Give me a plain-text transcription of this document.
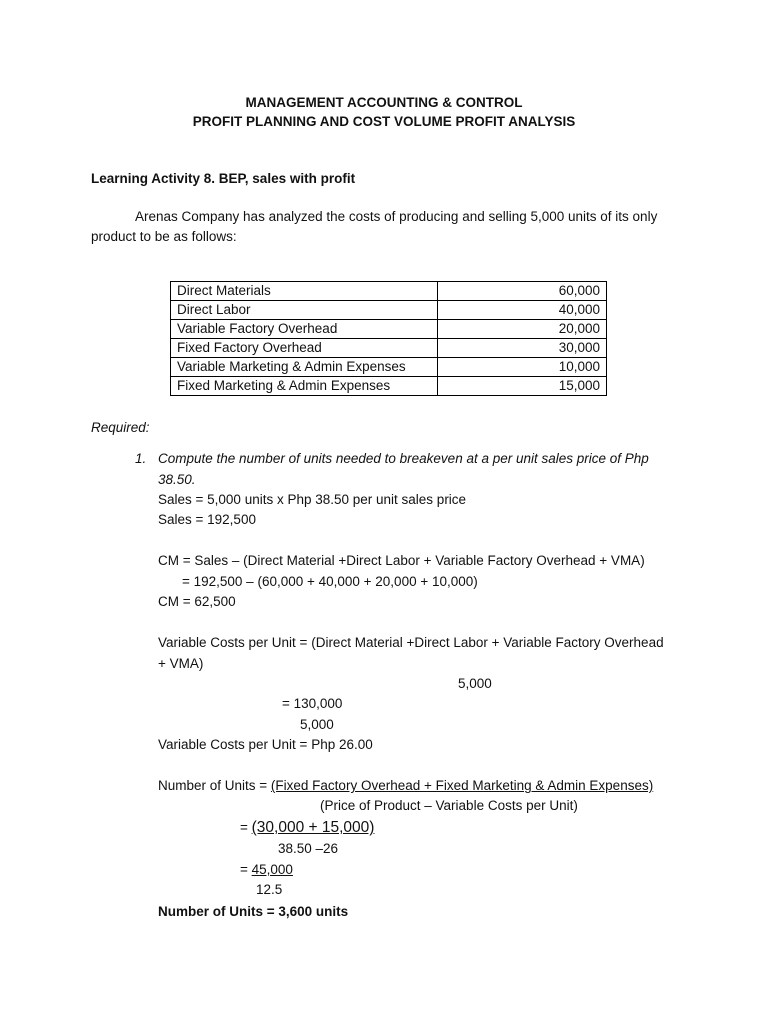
MANAGEMENT ACCOUNTING & CONTROL
PROFIT PLANNING AND COST VOLUME PROFIT ANALYSIS
Learning Activity 8. BEP, sales with profit
Arenas Company has analyzed the costs of producing and selling 5,000 units of its only
product to be as follows:
Direct Materials	60,000
Direct Labor	40,000
Variable Factory Overhead	20,000
Fixed Factory Overhead	30,000
Variable Marketing & Admin Expenses	10,000
Fixed Marketing & Admin Expenses	15,000
Required:
1. Compute the number of units needed to breakeven at a per unit sales price of Php
38.50.
Sales = 5,000 units x Php 38.50 per unit sales price
Sales = 192,500
CM = Sales – (Direct Material +Direct Labor + Variable Factory Overhead + VMA)
= 192,500 – (60,000 + 40,000 + 20,000 + 10,000)
CM = 62,500
Variable Costs per Unit = (Direct Material +Direct Labor + Variable Factory Overhead
+ VMA)
5,000
= 130,000
5,000
Variable Costs per Unit = Php 26.00
Number of Units = (Fixed Factory Overhead + Fixed Marketing & Admin Expenses)
(Price of Product – Variable Costs per Unit)
= (30,000 + 15,000)
38.50 –26
= 45,000
12.5
Number of Units = 3,600 units
